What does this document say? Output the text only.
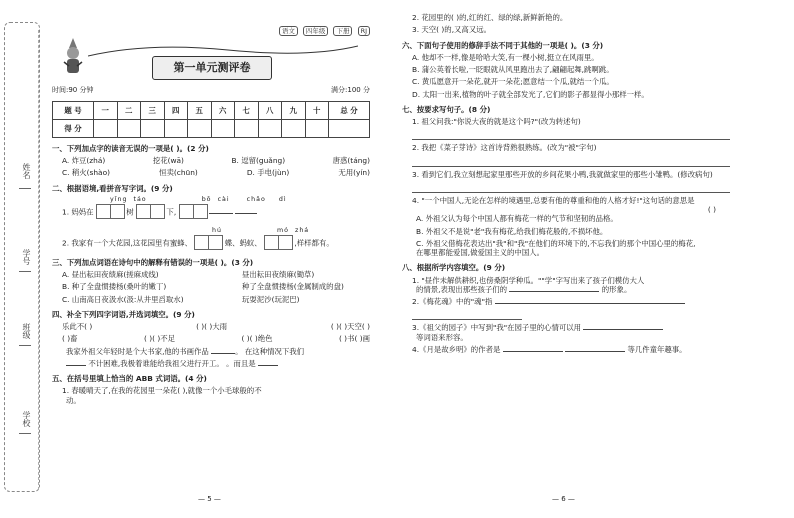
姓名
学号
班级
学校
语文 四年级 下册 RJ
第一单元测评卷
时间:90 分钟	满分:100 分
题 号	一	二	三	四	五	六	七	八	九	十	总 分
得 分											
一、下列加点字的读音无误的一项是( )。(2 分)
A. 炸豆(zhá)	挖花(wā)	B. 逗留(guǎng)	唐惑(táng)
C. 稍火(shào)	恒卖(chūn)	D. 手电(jùn)	无用(yín)
二、根据语境,看拼音写字词。(9 分)
yǐng táo	bō cài	chǎo dì
1. 妈妈在	树	下,
hú	mó zhá
2. 我家有一个大花园,这花园里有蜜蜂、	蝶、蚂蚁、	,样样都有。
三、下列加点词语在诗句中的解释有错误的一项是( )。(3 分)
A. 昼出耘田夜绩麻(搓麻成线)	昼出耘田夜绩麻(锄草)
B. 种了全盘惯搂杨(桑叶的嫩丁)	种了全盘惯搂杨(金属制成的盘)
C. 山南高日夜汲水(汲:从井里舀取水)	玩耍泥沙(玩泥巴)
四、补全下列四字词语,并选词填空。(9 分)
乐此不( )	( )( )大雨	( )( )天空( )
( )畜	( )( )不足	( )( )绝色	( )书( )画
我家外祖父年轻时是个大书家,他的书画作品	。 在这种情况下我们
不计困难,我极着谁能给我祖父进行开工。 。而且是
五、在括号里填上恰当的 ABB 式词语。(4 分)
1. 春暖晴天了,在我的花园里一朵花( ),就像一个小毛球般的不
动。
— 5 —
2. 花园里的( )的,红的红、绿的绿,新鲜新艳的。
3. 天空( )的,又高又远。
六、下面句子使用的修辞手法不同于其他的一项是( )。(3 分)
A. 他却不一样,像是哈哈大笑,有一棵小树,挺立在风雨里。
B. 蒲公英着长啦,一眨眼就从风里跑出去了,翩翩起舞,跳啊跳。
C. 黄瓜愿意开一朵花,就开一朵花;愿意结一个瓜,就结一个瓜。
D. 太阳一出来,植物的叶子就全部发光了,它们的影子都显得小那样一样。
七、按要求写句子。(8 分)
1. 祖父问我:"你说大夜的就是这个吗?"(改为转述句)
2. 我把《菜子芽诗》这首诗背熟很熟练。(改为"被"字句)
3. 看到它们,我立刻想起家里那些开放的乡间花果小鸭,我就做家里的那些小雏鸭。(修改病句)
4. "一个中国人,无论在怎样的境遇里,总要有他的尊重和他的人格才好!"这句话的意思是
( )
A. 外祖父认为每个中国人都有梅花一样的气节和坚韧的品格。
B. 外祖父不是说"老"我有梅花,给我们梅花般的,不损坏他。
C. 外祖父借梅花表达出"我"和"我"在他们的环境下的,不忘我们的那个中国心里的梅花,
在哪里都能爱国,做爱国主义的中国人。
八、根据所学内容填空。(9 分)
1. "昼作未解供耕织,也傍桑阴学种瓜。""学"字写出来了孩子们模仿大人
的情景,表现出那些孩子们的	的形象。
2.《梅花魂》中的"魂"指
3.《祖父的园子》中写到"我"在园子里的心情可以用
等词语来形容。
4.《月是故乡明》的作者是	等几件童年趣事。
— 6 —
